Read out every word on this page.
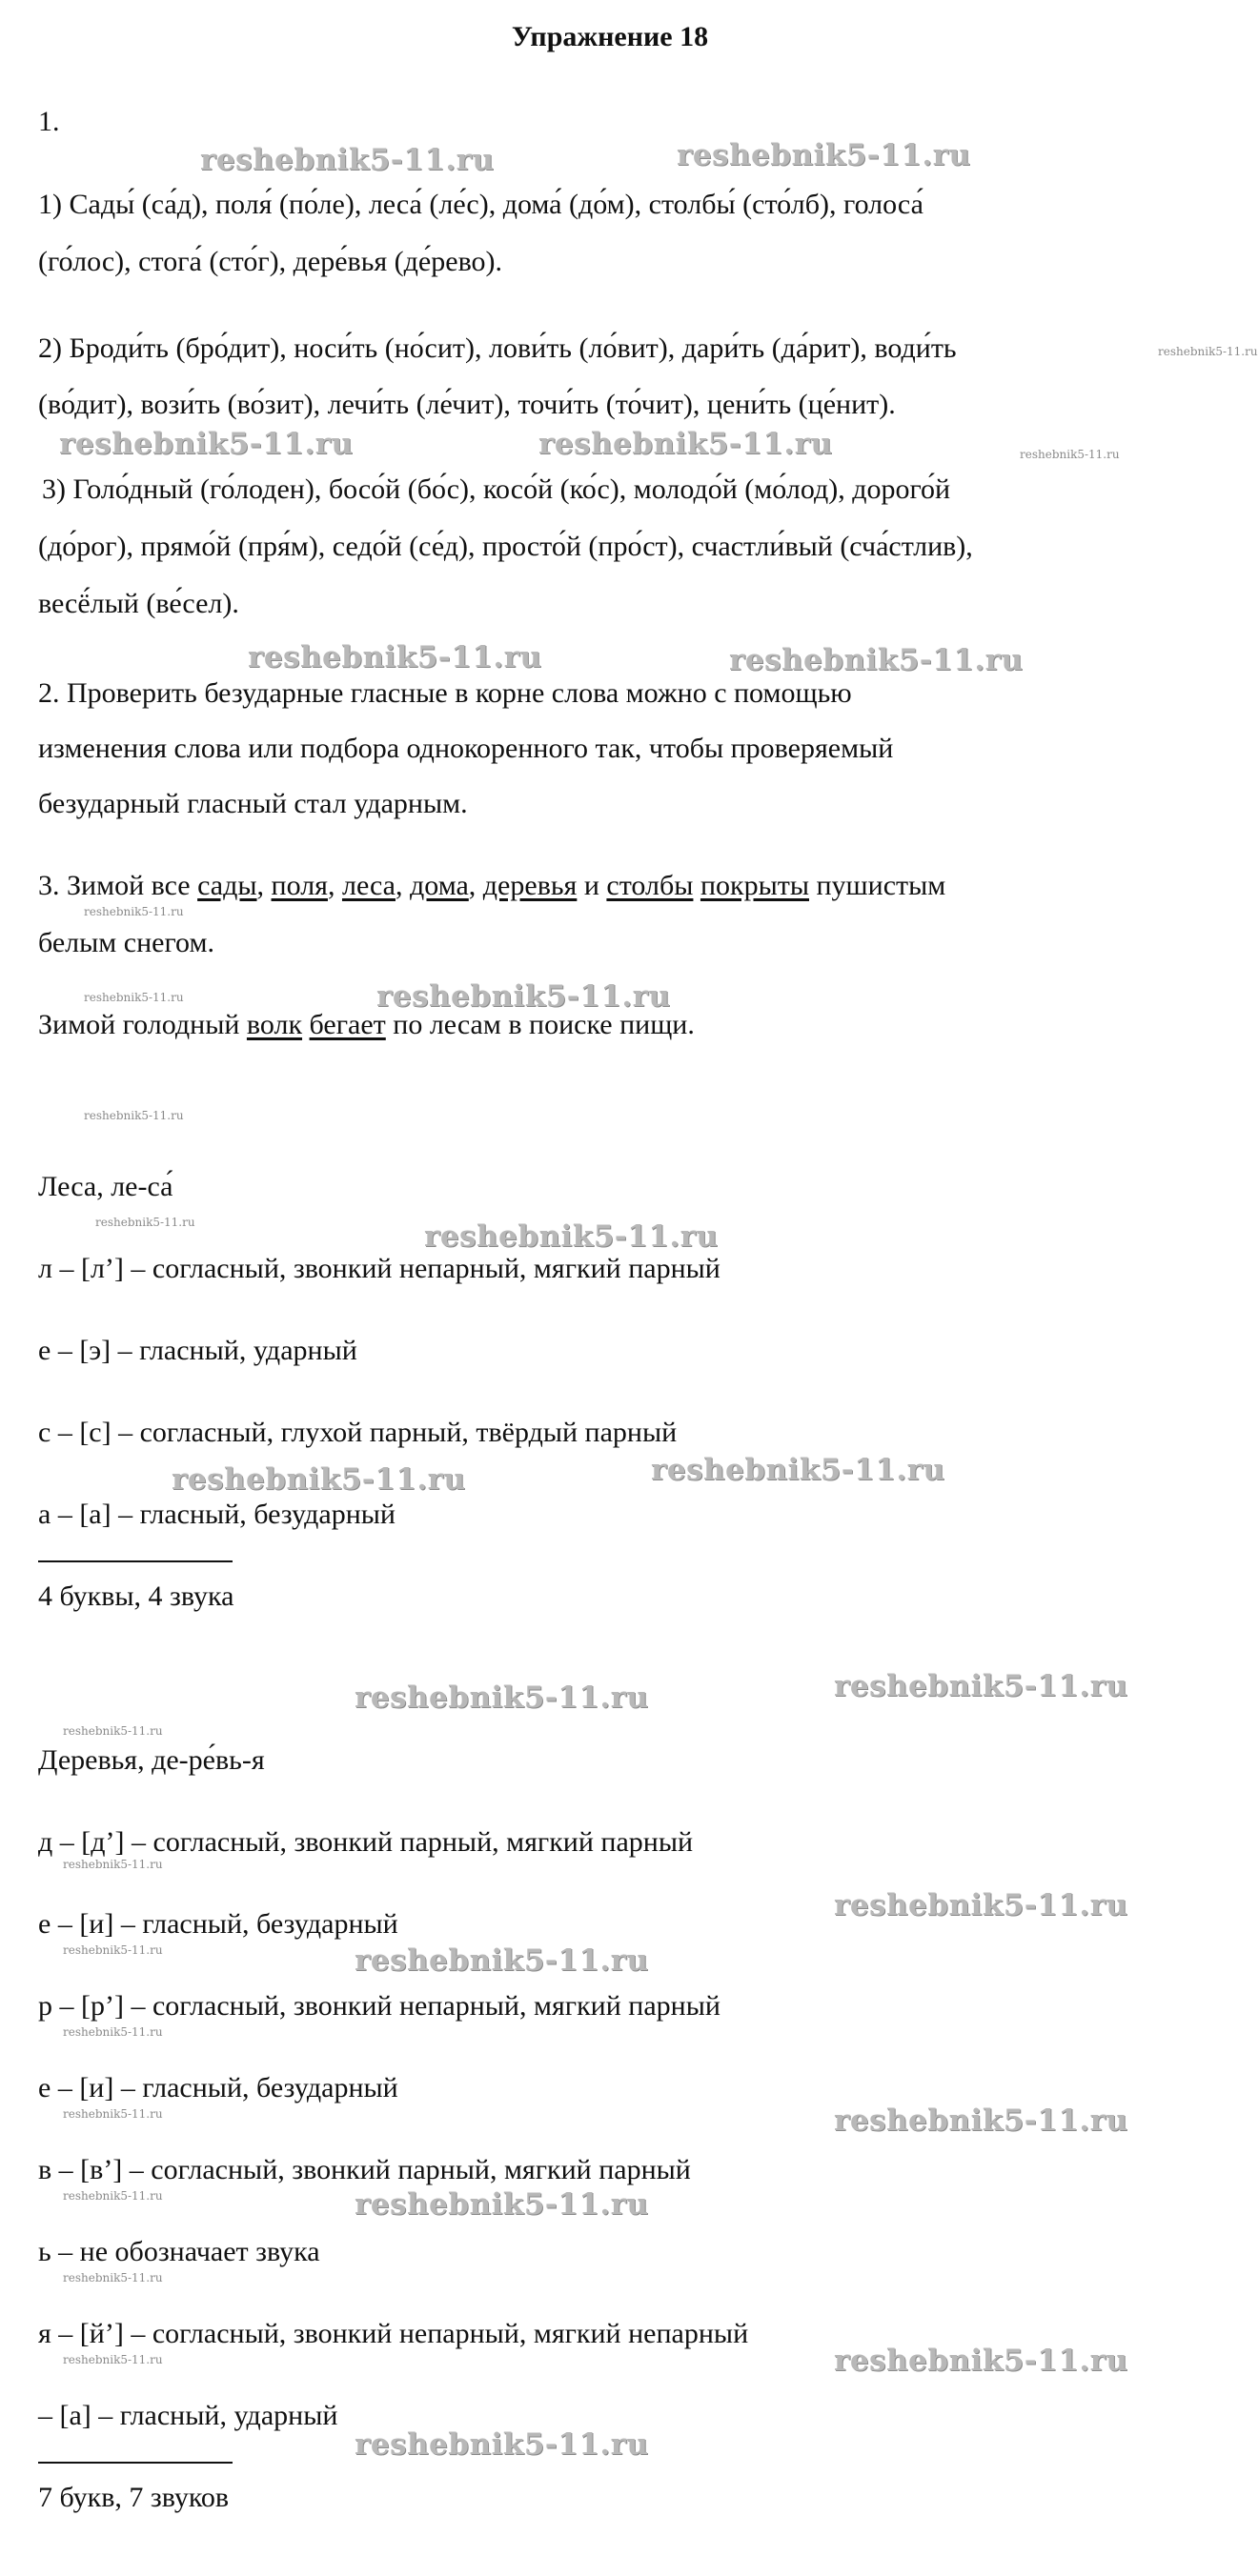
Упражнение 18
1.
1) Сады́ (са́д), поля́ (по́ле), леса́ (ле́с), дома́ (до́м), столбы́ (сто́лб), голоса́
(го́лос), стога́ (сто́г), дере́вья (де́рево).
2) Броди́ть (бро́дит), носи́ть (но́сит), лови́ть (ло́вит), дари́ть (да́рит), води́ть
(во́дит), вози́ть (во́зит), лечи́ть (ле́чит), точи́ть (то́чит), цени́ть (це́нит).
3) Голо́дный (го́лоден), босо́й (бо́с), косо́й (ко́с), молодо́й (мо́лод), дорого́й
(до́рог), прямо́й (пря́м), седо́й (се́д), просто́й (про́ст), счастли́вый (сча́стлив),
весё́лый (ве́сел).
2. Проверить безударные гласные в корне слова можно с помощью
изменения слова или подбора однокоренного так, чтобы проверяемый
безударный гласный стал ударным.
3. Зимой все сады, поля, леса, дома, деревья и столбы покрыты пушистым
белым снегом.
Зимой голодный волк бегает по лесам в поиске пищи.
Леса, ле-са́
л – [л’] – согласный, звонкий непарный, мягкий парный
е – [э] – гласный, ударный
с – [с] – согласный, глухой парный, твёрдый парный
а – [а] – гласный, безударный
4 буквы, 4 звука
Деревья, де-ре́вь-я
д – [д’] – согласный, звонкий парный, мягкий парный
е – [и] – гласный, безударный
р – [р’] – согласный, звонкий непарный, мягкий парный
е – [и] – гласный, безударный
в – [в’] – согласный, звонкий парный, мягкий парный
ь – не обозначает звука
я – [й’] – согласный, звонкий непарный, мягкий непарный
– [а] – гласный, ударный
7 букв, 7 звуков
reshebnik5-11.ru	reshebnik5-11.ru
reshebnik5-11.ru	reshebnik5-11.ru
reshebnik5-11.ru	reshebnik5-11.ru
reshebnik5-11.ru
reshebnik5-11.ru
reshebnik5-11.ru	reshebnik5-11.ru
reshebnik5-11.ru	reshebnik5-11.ru
reshebnik5-11.ru
reshebnik5-11.ru
reshebnik5-11.ru
reshebnik5-11.ru
reshebnik5-11.ru
reshebnik5-11.ru
reshebnik5-11.ru
reshebnik5-11.ru
reshebnik5-11.ru
reshebnik5-11.ru
reshebnik5-11.ru
reshebnik5-11.ru
reshebnik5-11.ru
reshebnik5-11.ru
reshebnik5-11.ru
reshebnik5-11.ru
reshebnik5-11.ru
reshebnik5-11.ru
reshebnik5-11.ru
reshebnik5-11.ru
